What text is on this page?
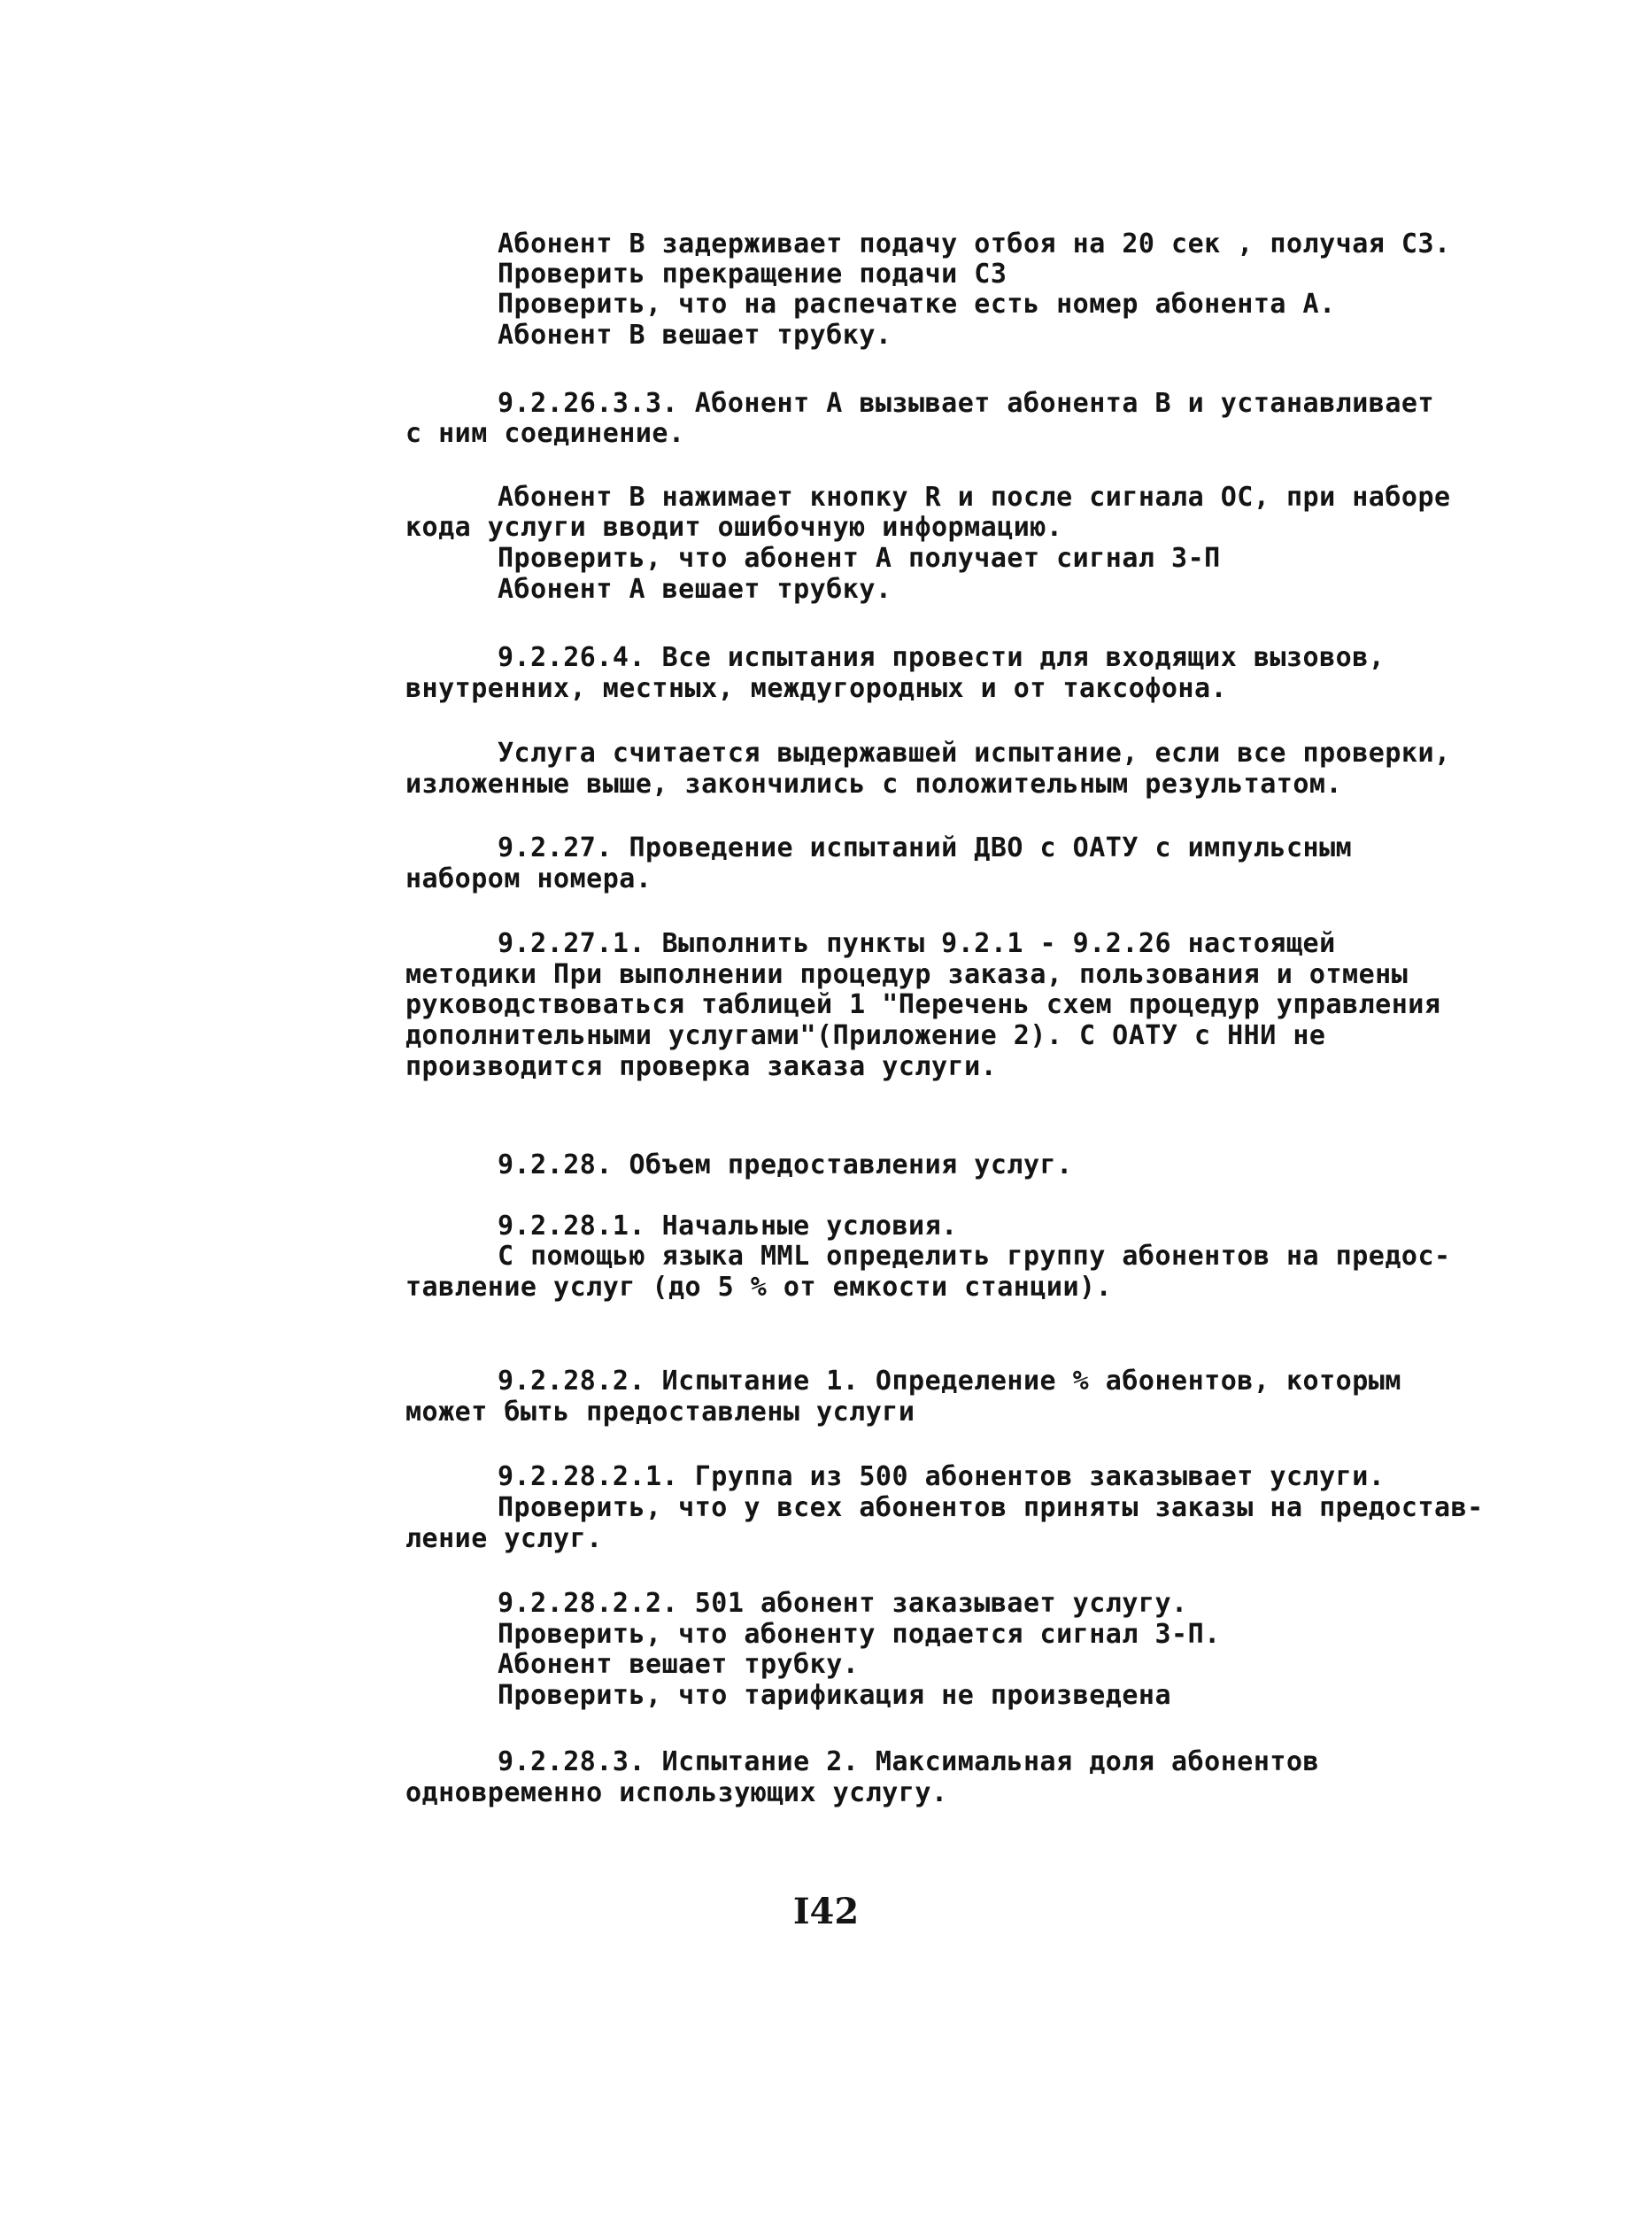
Абонент B задерживает подачу отбоя на 20 сек , получая C3.
Проверить прекращение подачи C3
Проверить, что на распечатке есть номер абонента A.
Абонент B вешает трубку.
9.2.26.3.3. Абонент A вызывает абонента B и устанавливает
с ним соединение.
Абонент B нажимает кнопку R и после сигнала ОС, при наборе
кода услуги вводит ошибочную информацию.
Проверить, что абонент A получает сигнал 3-П
Абонент A вешает трубку.
9.2.26.4. Все испытания провести для входящих вызовов,
внутренних, местных, междугородных и от таксофона.
Услуга считается выдержавшей испытание, если все проверки,
изложенные выше, закончились с положительным результатом.
9.2.27. Проведение испытаний ДВО с ОАТУ с импульсным
набором номера.
9.2.27.1. Выполнить пункты 9.2.1 - 9.2.26 настоящей
методики При выполнении процедур заказа, пользования и отмены
руководствоваться таблицей 1 "Перечень схем процедур управления
дополнительными услугами"(Приложение 2). С ОАТУ с ННИ не
производится проверка заказа услуги.
9.2.28. Объем предоставления услуг.
9.2.28.1. Начальные условия.
С помощью языка MML определить группу абонентов на предос-
тавление услуг (до 5 % от емкости станции).
9.2.28.2. Испытание 1. Определение % абонентов, которым
может быть предоставлены услуги
9.2.28.2.1. Группа из 500 абонентов заказывает услуги.
Проверить, что у всех абонентов приняты заказы на предостав-
ление услуг.
9.2.28.2.2. 501 абонент заказывает услугу.
Проверить, что абоненту подается сигнал 3-П.
Абонент вешает трубку.
Проверить, что тарификация не произведена
9.2.28.3. Испытание 2. Максимальная доля абонентов
одновременно использующих услугу.
I42
